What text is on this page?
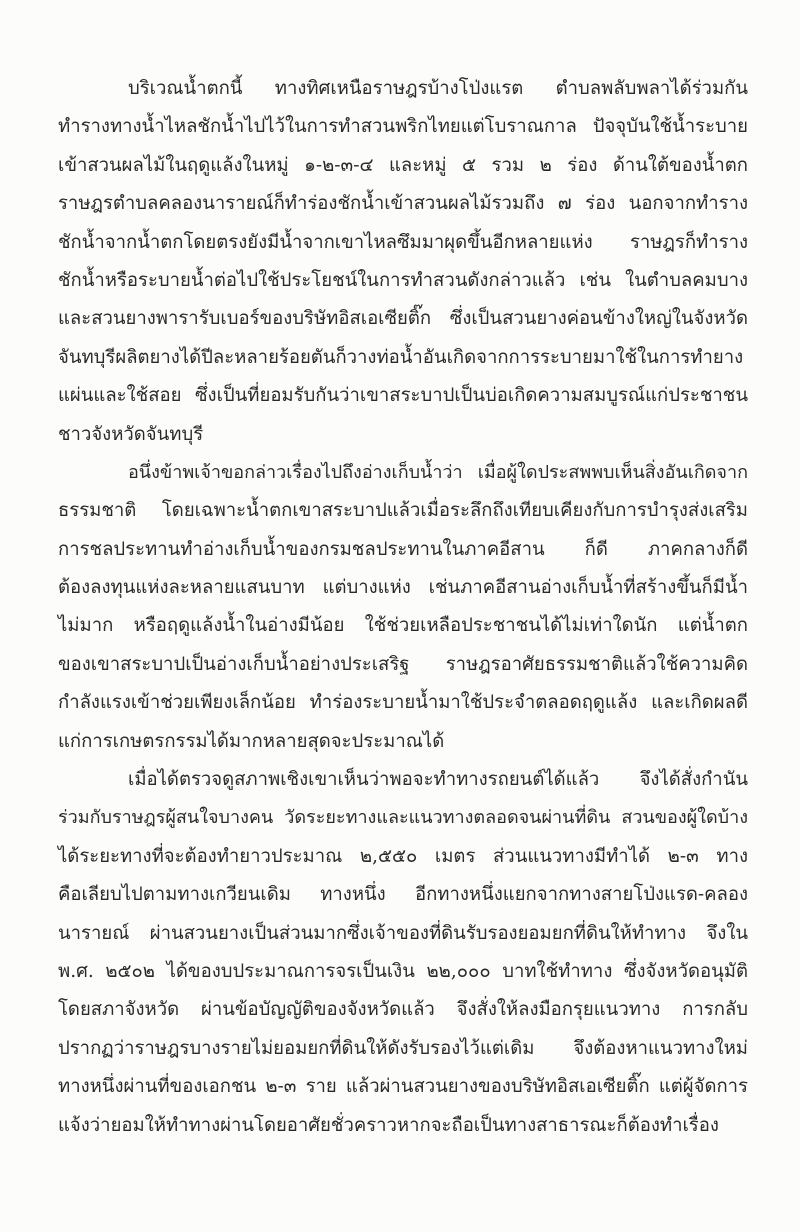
บริเวณน้ำตกนี้ ทางทิศเหนือราษฎรบ้างโป่งแรต ตำบลพลับพลาได้ร่วมกัน
ทำรางทางน้ำไหลชักน้ำไปไว้ในการทำสวนพริกไทยแต่โบราณกาล ปัจจุบันใช้น้ำระบาย
เข้าสวนผลไม้ในฤดูแล้งในหมู่ ๑-๒-๓-๔ และหมู่ ๕ รวม ๒ ร่อง ด้านใต้ของน้ำตก
ราษฎรตำบลคลองนารายณ์ก็ทำร่องชักน้ำเข้าสวนผลไม้รวมถึง ๗ ร่อง นอกจากทำราง
ชักน้ำจากน้ำตกโดยตรงยังมีน้ำจากเขาไหลซึมมาผุดขึ้นอีกหลายแห่ง ราษฎรก็ทำราง
ชักน้ำหรือระบายน้ำต่อไปใช้ประโยชน์ในการทำสวนดังกล่าวแล้ว เช่น ในตำบลคมบาง
และสวนยางพารารับเบอร์ของบริษัทอิสเอเซียติ๊ก ซึ่งเป็นสวนยางค่อนข้างใหญ่ในจังหวัด
จันทบุรีผลิตยางได้ปีละหลายร้อยตันก็วางท่อน้ำอันเกิดจากการระบายมาใช้ในการทำยาง
แผ่นและใช้สอย ซึ่งเป็นที่ยอมรับกันว่าเขาสระบาปเป็นบ่อเกิดความสมบูรณ์แก่ประชาชน
ชาวจังหวัดจันทบุรี
อนึ่งข้าพเจ้าขอกล่าวเรื่องไปถึงอ่างเก็บน้ำว่า เมื่อผู้ใดประสพพบเห็นสิ่งอันเกิดจาก
ธรรมชาติ โดยเฉพาะน้ำตกเขาสระบาปแล้วเมื่อระลึกถึงเทียบเคียงกับการบำรุงส่งเสริม
การชลประทานทำอ่างเก็บน้ำของกรมชลประทานในภาคอีสาน ก็ดี ภาคกลางก็ดี
ต้องลงทุนแห่งละหลายแสนบาท แต่บางแห่ง เช่นภาคอีสานอ่างเก็บน้ำที่สร้างขึ้นก็มีน้ำ
ไม่มาก หรือฤดูแล้งน้ำในอ่างมีน้อย ใช้ช่วยเหลือประชาชนได้ไม่เท่าใดนัก แต่น้ำตก
ของเขาสระบาปเป็นอ่างเก็บน้ำอย่างประเสริฐ ราษฎรอาศัยธรรมชาติแล้วใช้ความคิด
กำลังแรงเข้าช่วยเพียงเล็กน้อย ทำร่องระบายน้ำมาใช้ประจำตลอดฤดูแล้ง และเกิดผลดี
แก่การเกษตรกรรมได้มากหลายสุดจะประมาณได้
เมื่อได้ตรวจดูสภาพเชิงเขาเห็นว่าพอจะทำทางรถยนต์ได้แล้ว จึงได้สั่งกำนัน
ร่วมกับราษฎรผู้สนใจบางคน วัดระยะทางและแนวทางตลอดจนผ่านที่ดิน สวนของผู้ใดบ้าง
ได้ระยะทางที่จะต้องทำยาวประมาณ ๒,๕๕๐ เมตร ส่วนแนวทางมีทำได้ ๒-๓ ทาง
คือเลียบไปตามทางเกวียนเดิม ทางหนึ่ง อีกทางหนึ่งแยกจากทางสายโป่งแรด-คลอง
นารายณ์ ผ่านสวนยางเป็นส่วนมากซึ่งเจ้าของที่ดินรับรองยอมยกที่ดินให้ทำทาง จึงใน
พ.ศ. ๒๕๐๒ ได้ของบประมาณการจรเป็นเงิน ๒๒,๐๐๐ บาทใช้ทำทาง ซึ่งจังหวัดอนุมัติ
โดยสภาจังหวัด ผ่านข้อบัญญัติของจังหวัดแล้ว จึงสั่งให้ลงมือกรุยแนวทาง การกลับ
ปรากฏว่าราษฎรบางรายไม่ยอมยกที่ดินให้ดังรับรองไว้แต่เดิม จึงต้องหาแนวทางใหม่
ทางหนึ่งผ่านที่ของเอกชน ๒-๓ ราย แล้วผ่านสวนยางของบริษัทอิสเอเซียติ๊ก แต่ผู้จัดการ
แจ้งว่ายอมให้ทำทางผ่านโดยอาศัยชั่วคราวหากจะถือเป็นทางสาธารณะก็ต้องทำเรื่อง
